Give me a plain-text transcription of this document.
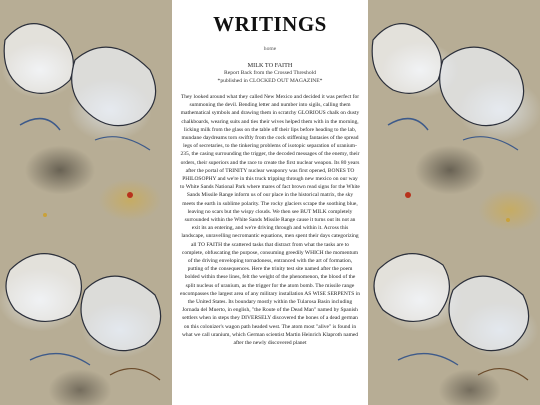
WRITINGS
home
MILK TO FAITH
Report Back from the Crossed Threshold
*published in CLOCKED OUT MAGAZINE*

They looked around what they called New Mexico and decided it was perfect for summoning the devil. Bending letter and number into sigils, calling them mathematical symbols and drawing them in scratchy GLORIOUS chalk on dusty chalkboards, wearing suits and ties their wives helped them with in the morning, licking milk from the glass on the table off their lips before heading to the lab, mundane daydreams torn swiftly from the cock stiffening fantasies of the spread legs of secretaries, to the tinkering problems of isotopic separation of uranium-235, the casing surrounding the trigger, the decoded messages of the enemy, their orders, their superiors and the race to create the first nuclear weapon. Its 80 years after the portal of TRINITY nuclear weaponry was first opened, BONES TO PHILOSOPHY and we're in this truck tripping through new mexico on our way to White Sands National Park where mares of fact brown read signs for the White Sands Missile Range inform us of our place in the historical matrix, the sky meets the earth in sublime polarity. The rocky glaciers scrape the soothing blue, leaving no scars but the wispy clouds. We then see BUT MILK completely surrounded within the White Sands Missile Range cause it turns out its not an exit its an entering, and we're driving through and within it. Across this landscape, unravelling necromantic equations, men spent their days categorizing all TO FAITH the scattered tasks that distract from what the tasks are to complete, obfuscating the purpose, consuming greedily WHICH the momentum of the driving enveloping tornadoness, entranced with the art of formation, putting of the consequences. Here the trinity test site named after the poem bolded within these lines, felt the weight of the phenomenon, the blood of the split nucleus of uranium, as the trigger for the atom bomb. The missile range encompasses the largest area of any military installation AS WISE SERPENTS in the United States. Its boundary mostly within the Tularosa Basin including Jornada del Muerto, in english, "the Route of the Dead Man" named by Spanish settlers when in steps they DIVERSELY discovered the bones of a dead german on this colonizer's wagon path headed west. The atom most "alive" is found in what we call uranium, which German scientist Martin Heinrich Klaproth named after the newly discovered planet
